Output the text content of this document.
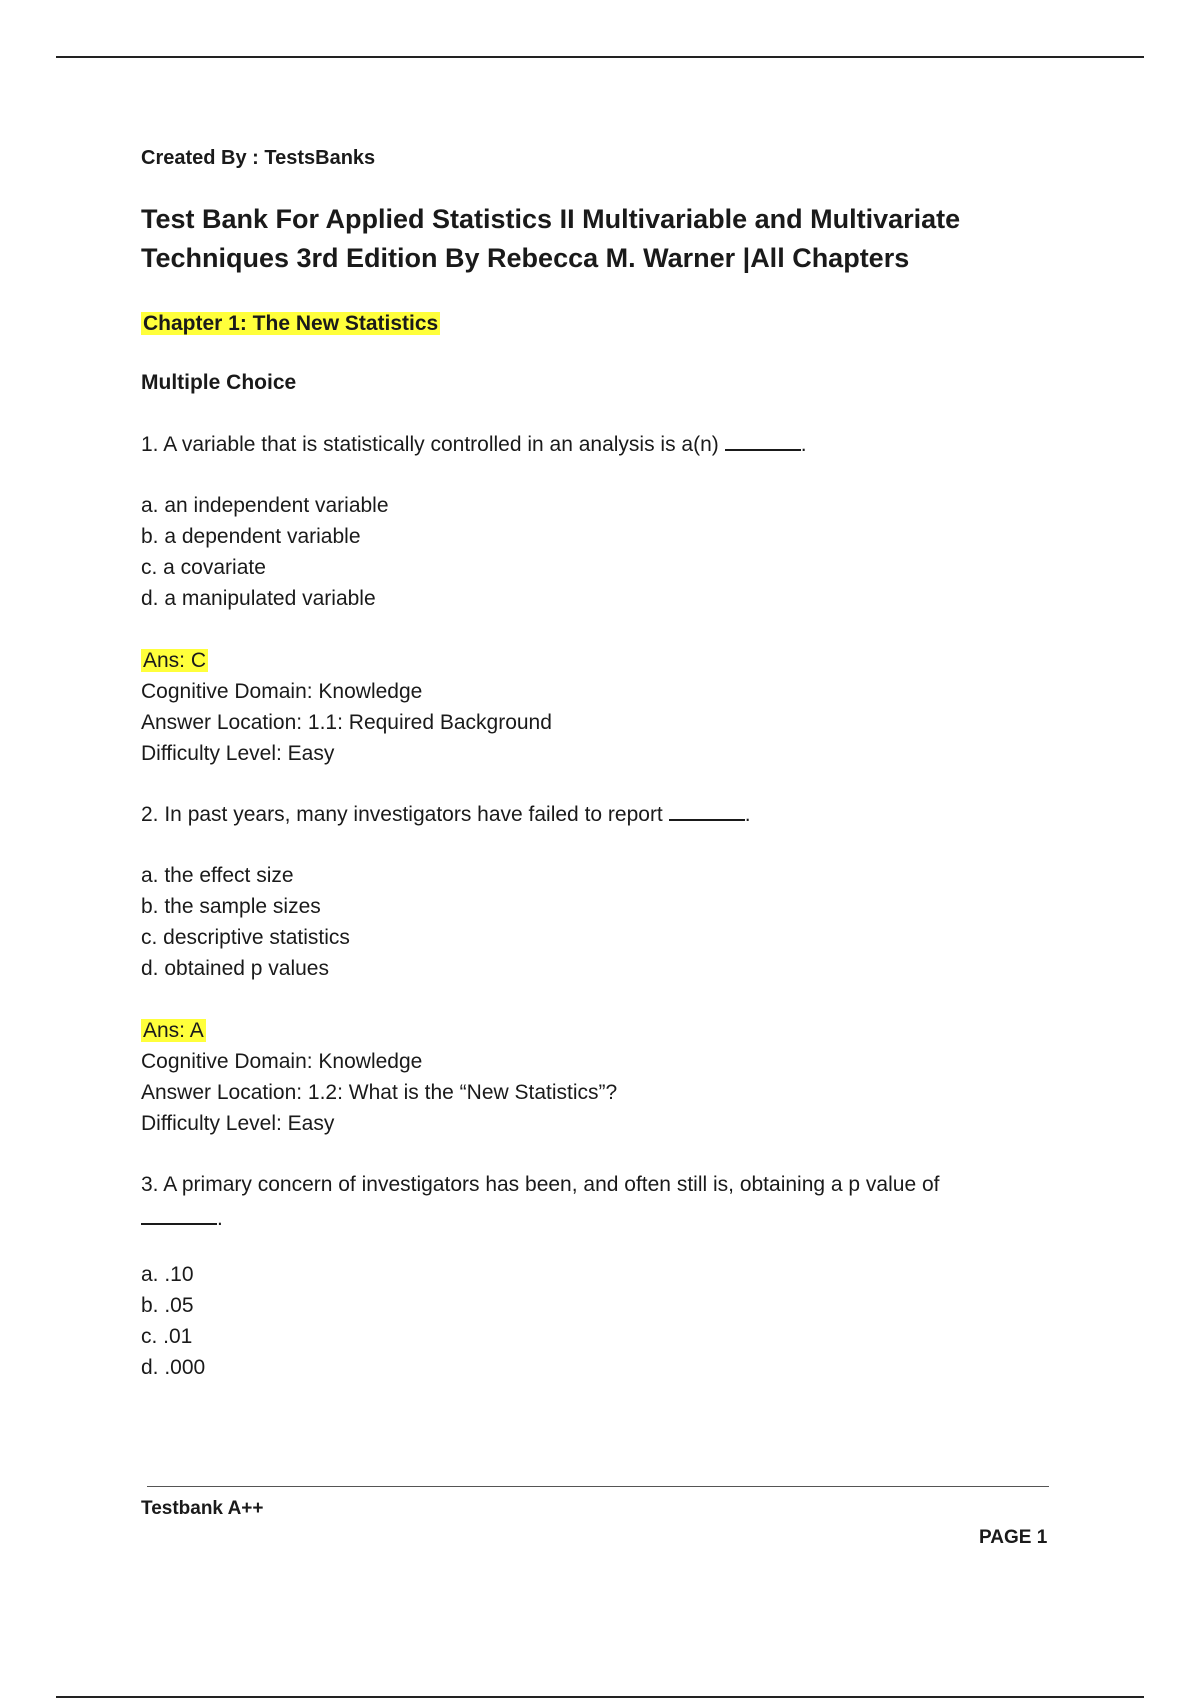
Created By : TestsBanks

Test Bank For Applied Statistics II Multivariable and Multivariate
Techniques 3rd Edition By Rebecca M. Warner |All Chapters
Chapter 1: The New Statistics
Multiple Choice
1. A variable that is statistically controlled in an analysis is a(n)	.
a. an independent variable
b. a dependent variable
c. a covariate
d. a manipulated variable
Ans: C
Cognitive Domain: Knowledge
Answer Location: 1.1: Required Background
Difficulty Level: Easy
2. In past years, many investigators have failed to report	.
a. the effect size
b. the sample sizes
c. descriptive statistics
d. obtained p values
Ans: A
Cognitive Domain: Knowledge
Answer Location: 1.2: What is the “New Statistics”?
Difficulty Level: Easy
3. A primary concern of investigators has been, and often still is, obtaining a p value of
.
a. .10
b. .05
c. .01
d. .000
Testbank A++
PAGE 1
